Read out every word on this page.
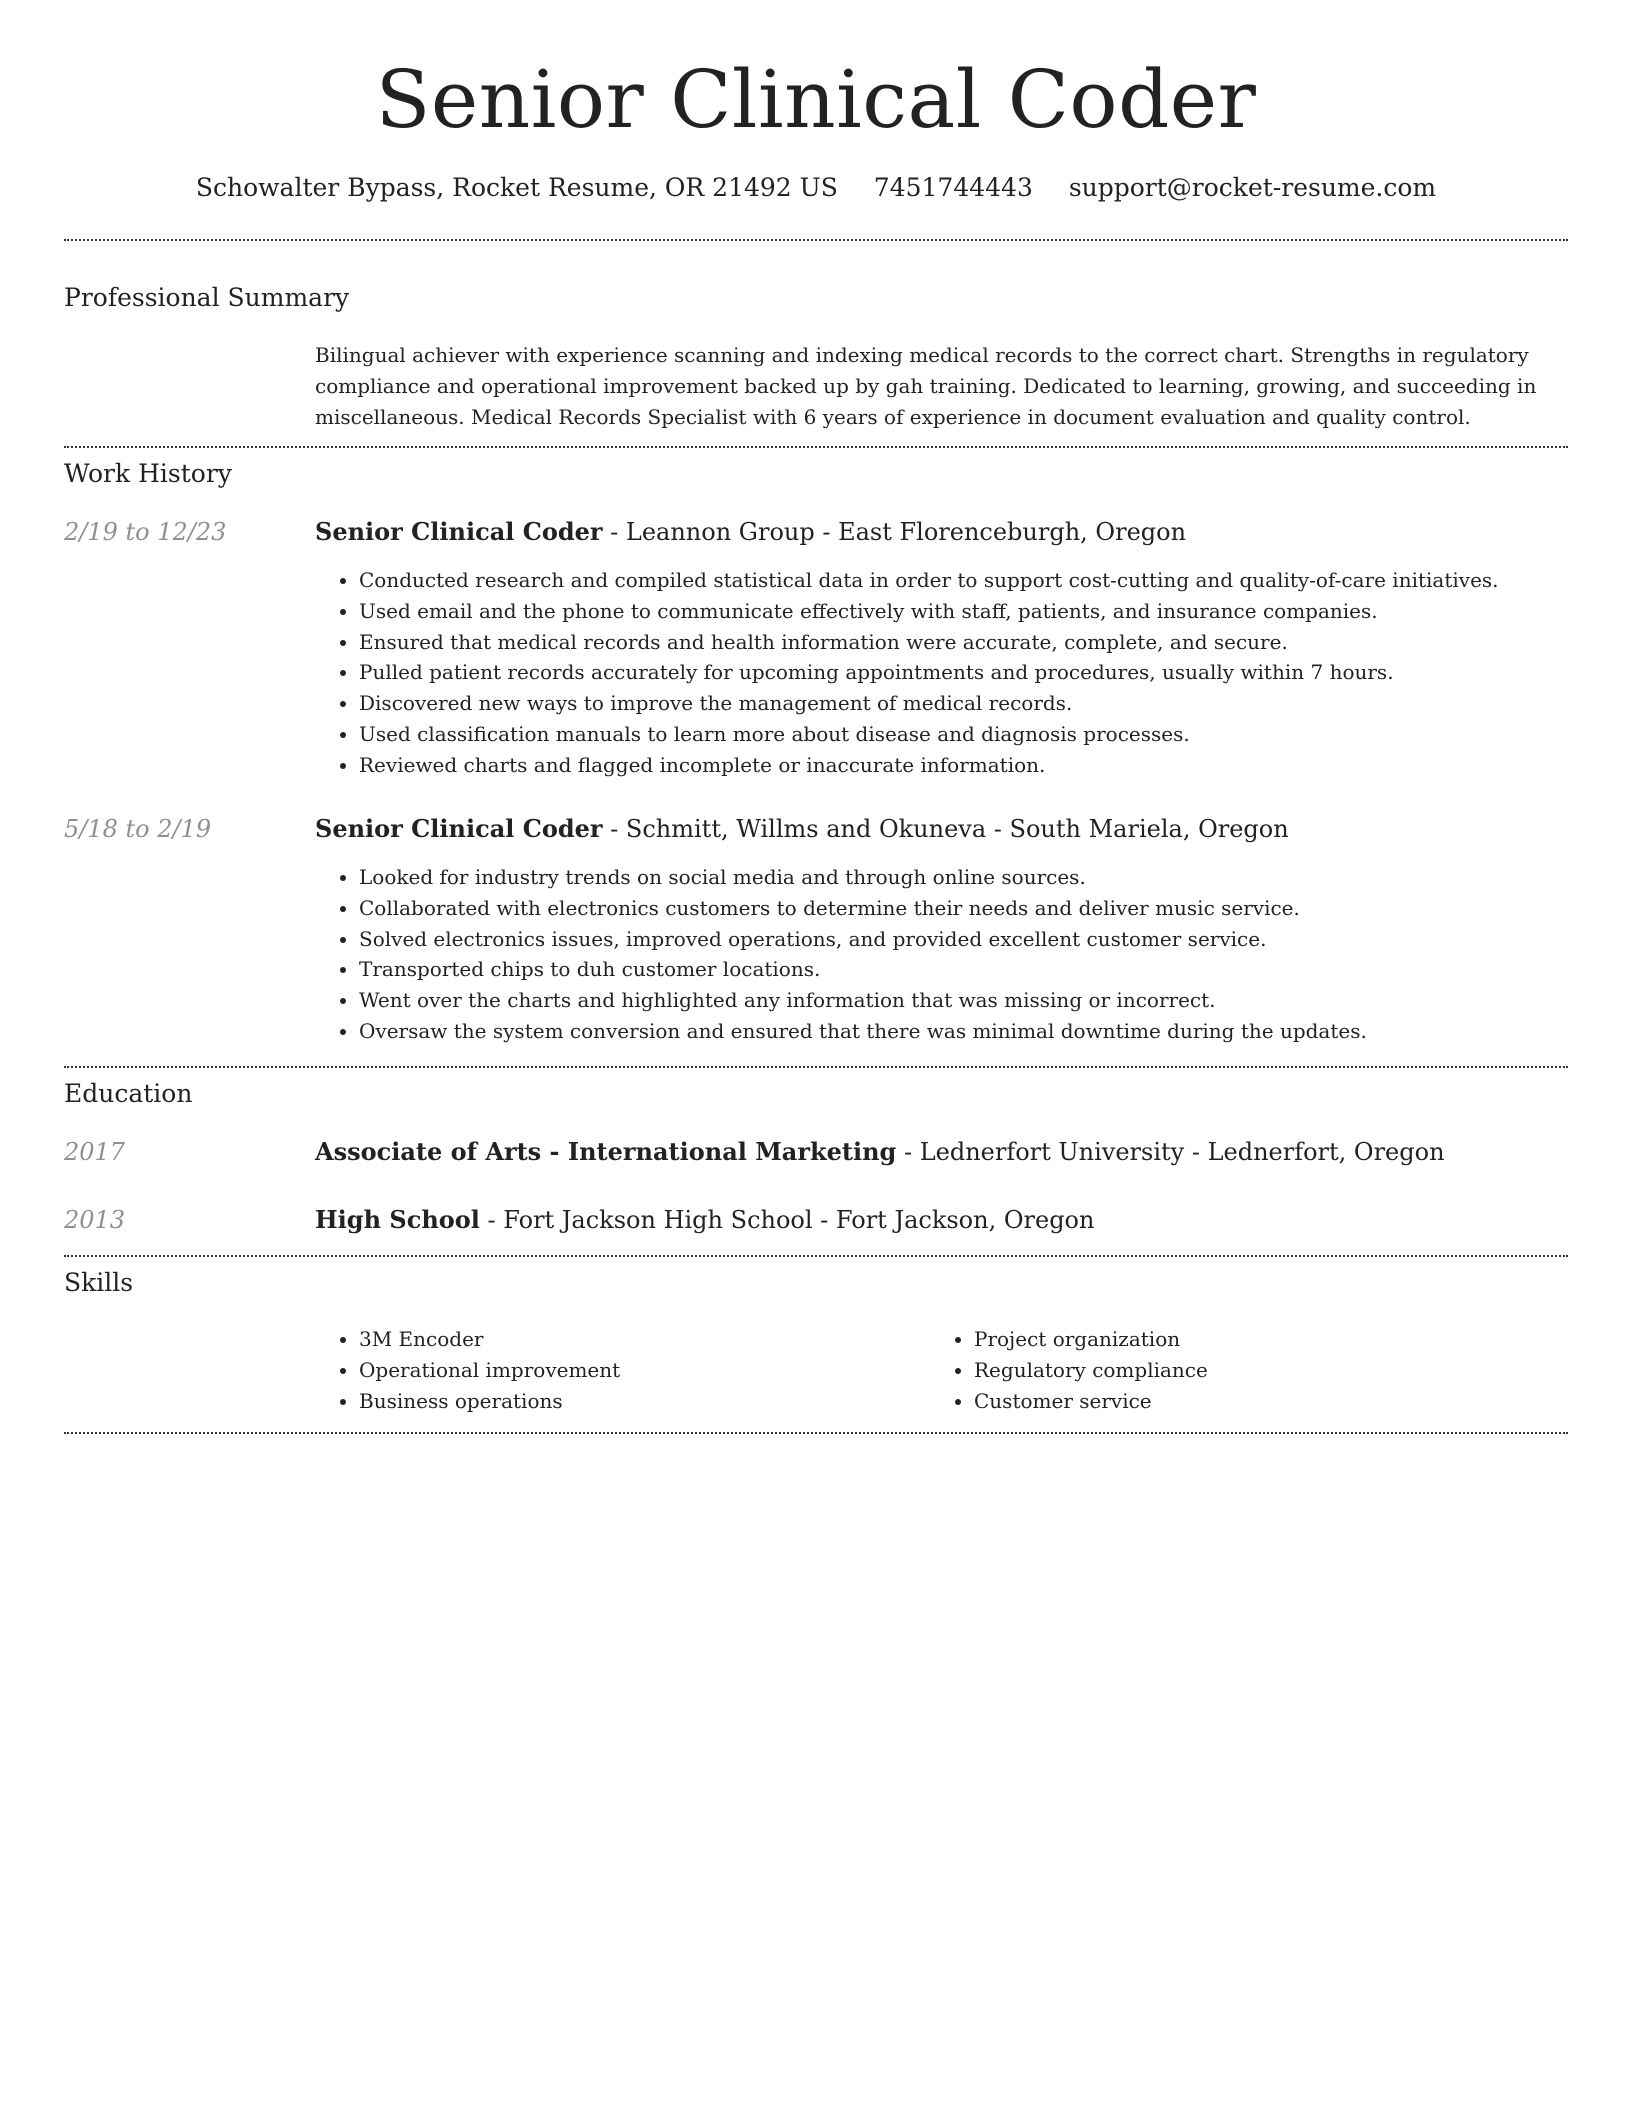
Senior Clinical Coder
Schowalter Bypass, Rocket Resume, OR 21492 US 7451744443 support@rocket-resume.com
Professional Summary
Bilingual achiever with experience scanning and indexing medical records to the correct chart. Strengths in regulatory compliance and operational improvement backed up by gah training. Dedicated to learning, growing, and succeeding in miscellaneous. Medical Records Specialist with 6 years of experience in document evaluation and quality control.
Work History
2/19 to 12/23	Senior Clinical Coder - Leannon Group - East Florenceburgh, Oregon
• Conducted research and compiled statistical data in order to support cost-cutting and quality-of-care initiatives.
• Used email and the phone to communicate effectively with staff, patients, and insurance companies.
• Ensured that medical records and health information were accurate, complete, and secure.
• Pulled patient records accurately for upcoming appointments and procedures, usually within 7 hours.
• Discovered new ways to improve the management of medical records.
• Used classification manuals to learn more about disease and diagnosis processes.
• Reviewed charts and flagged incomplete or inaccurate information.
5/18 to 2/19	Senior Clinical Coder - Schmitt, Willms and Okuneva - South Mariela, Oregon
• Looked for industry trends on social media and through online sources.
• Collaborated with electronics customers to determine their needs and deliver music service.
• Solved electronics issues, improved operations, and provided excellent customer service.
• Transported chips to duh customer locations.
• Went over the charts and highlighted any information that was missing or incorrect.
• Oversaw the system conversion and ensured that there was minimal downtime during the updates.
Education
2017	Associate of Arts - International Marketing - Lednerfort University - Lednerfort, Oregon
2013	High School - Fort Jackson High School - Fort Jackson, Oregon
Skills
• 3M Encoder
• Operational improvement
• Business operations
• Project organization
• Regulatory compliance
• Customer service
